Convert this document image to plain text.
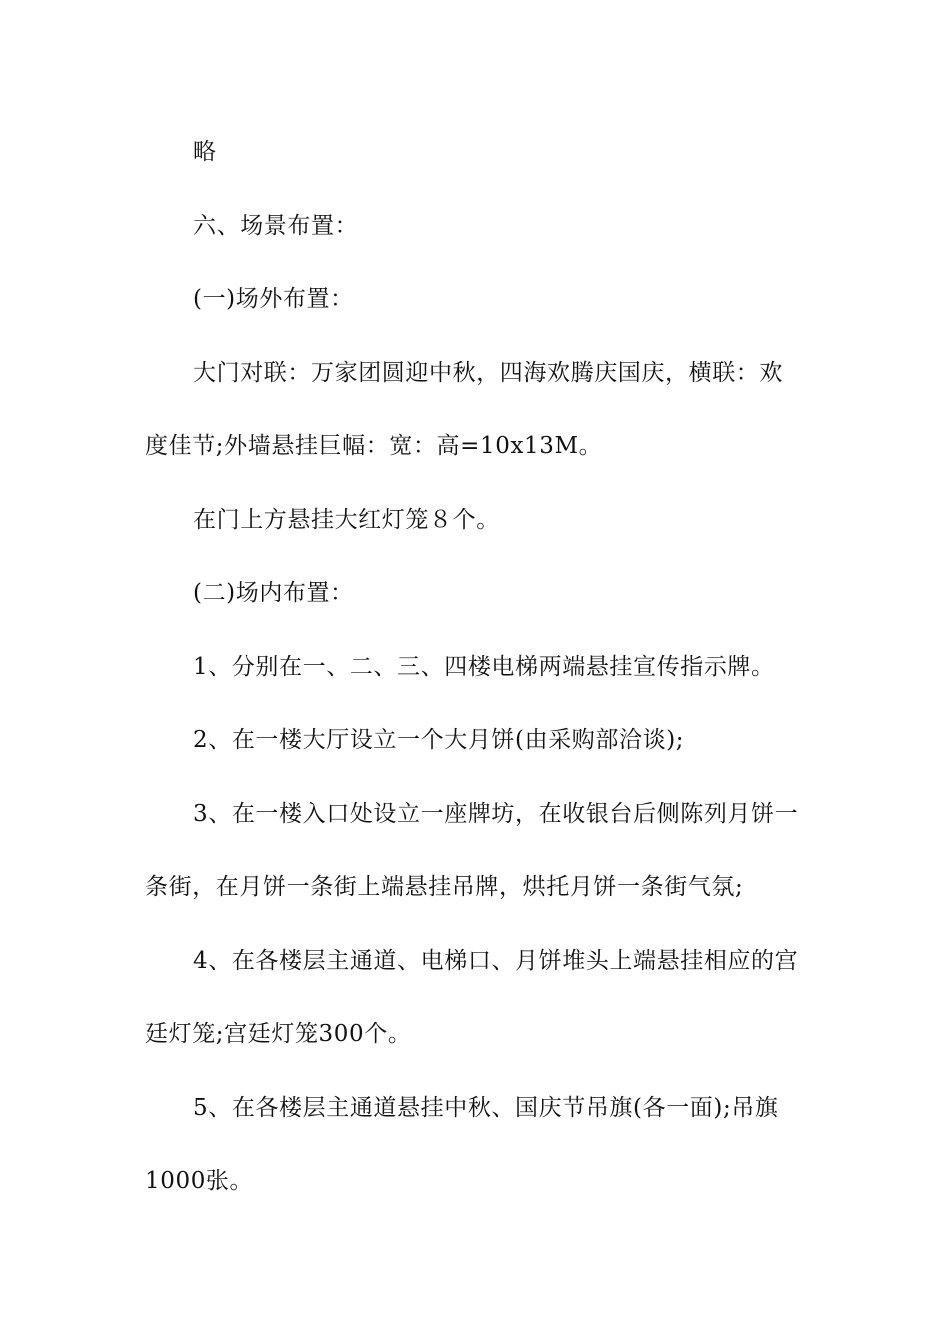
略
六、场景布置：
(一)场外布置：
大门对联：万家团圆迎中秋，四海欢腾庆国庆，横联：欢
度佳节;外墙悬挂巨幅：宽：高=10x13M。
在门上方悬挂大红灯笼８个。
(二)场内布置：
1、分别在一、二、三、四楼电梯两端悬挂宣传指示牌。
2、在一楼大厅设立一个大月饼(由采购部洽谈);
3、在一楼入口处设立一座牌坊，在收银台后侧陈列月饼一
条街，在月饼一条街上端悬挂吊牌，烘托月饼一条街气氛;
4、在各楼层主通道、电梯口、月饼堆头上端悬挂相应的宫
廷灯笼;宫廷灯笼300个。
5、在各楼层主通道悬挂中秋、国庆节吊旗(各一面);吊旗
1000张。
